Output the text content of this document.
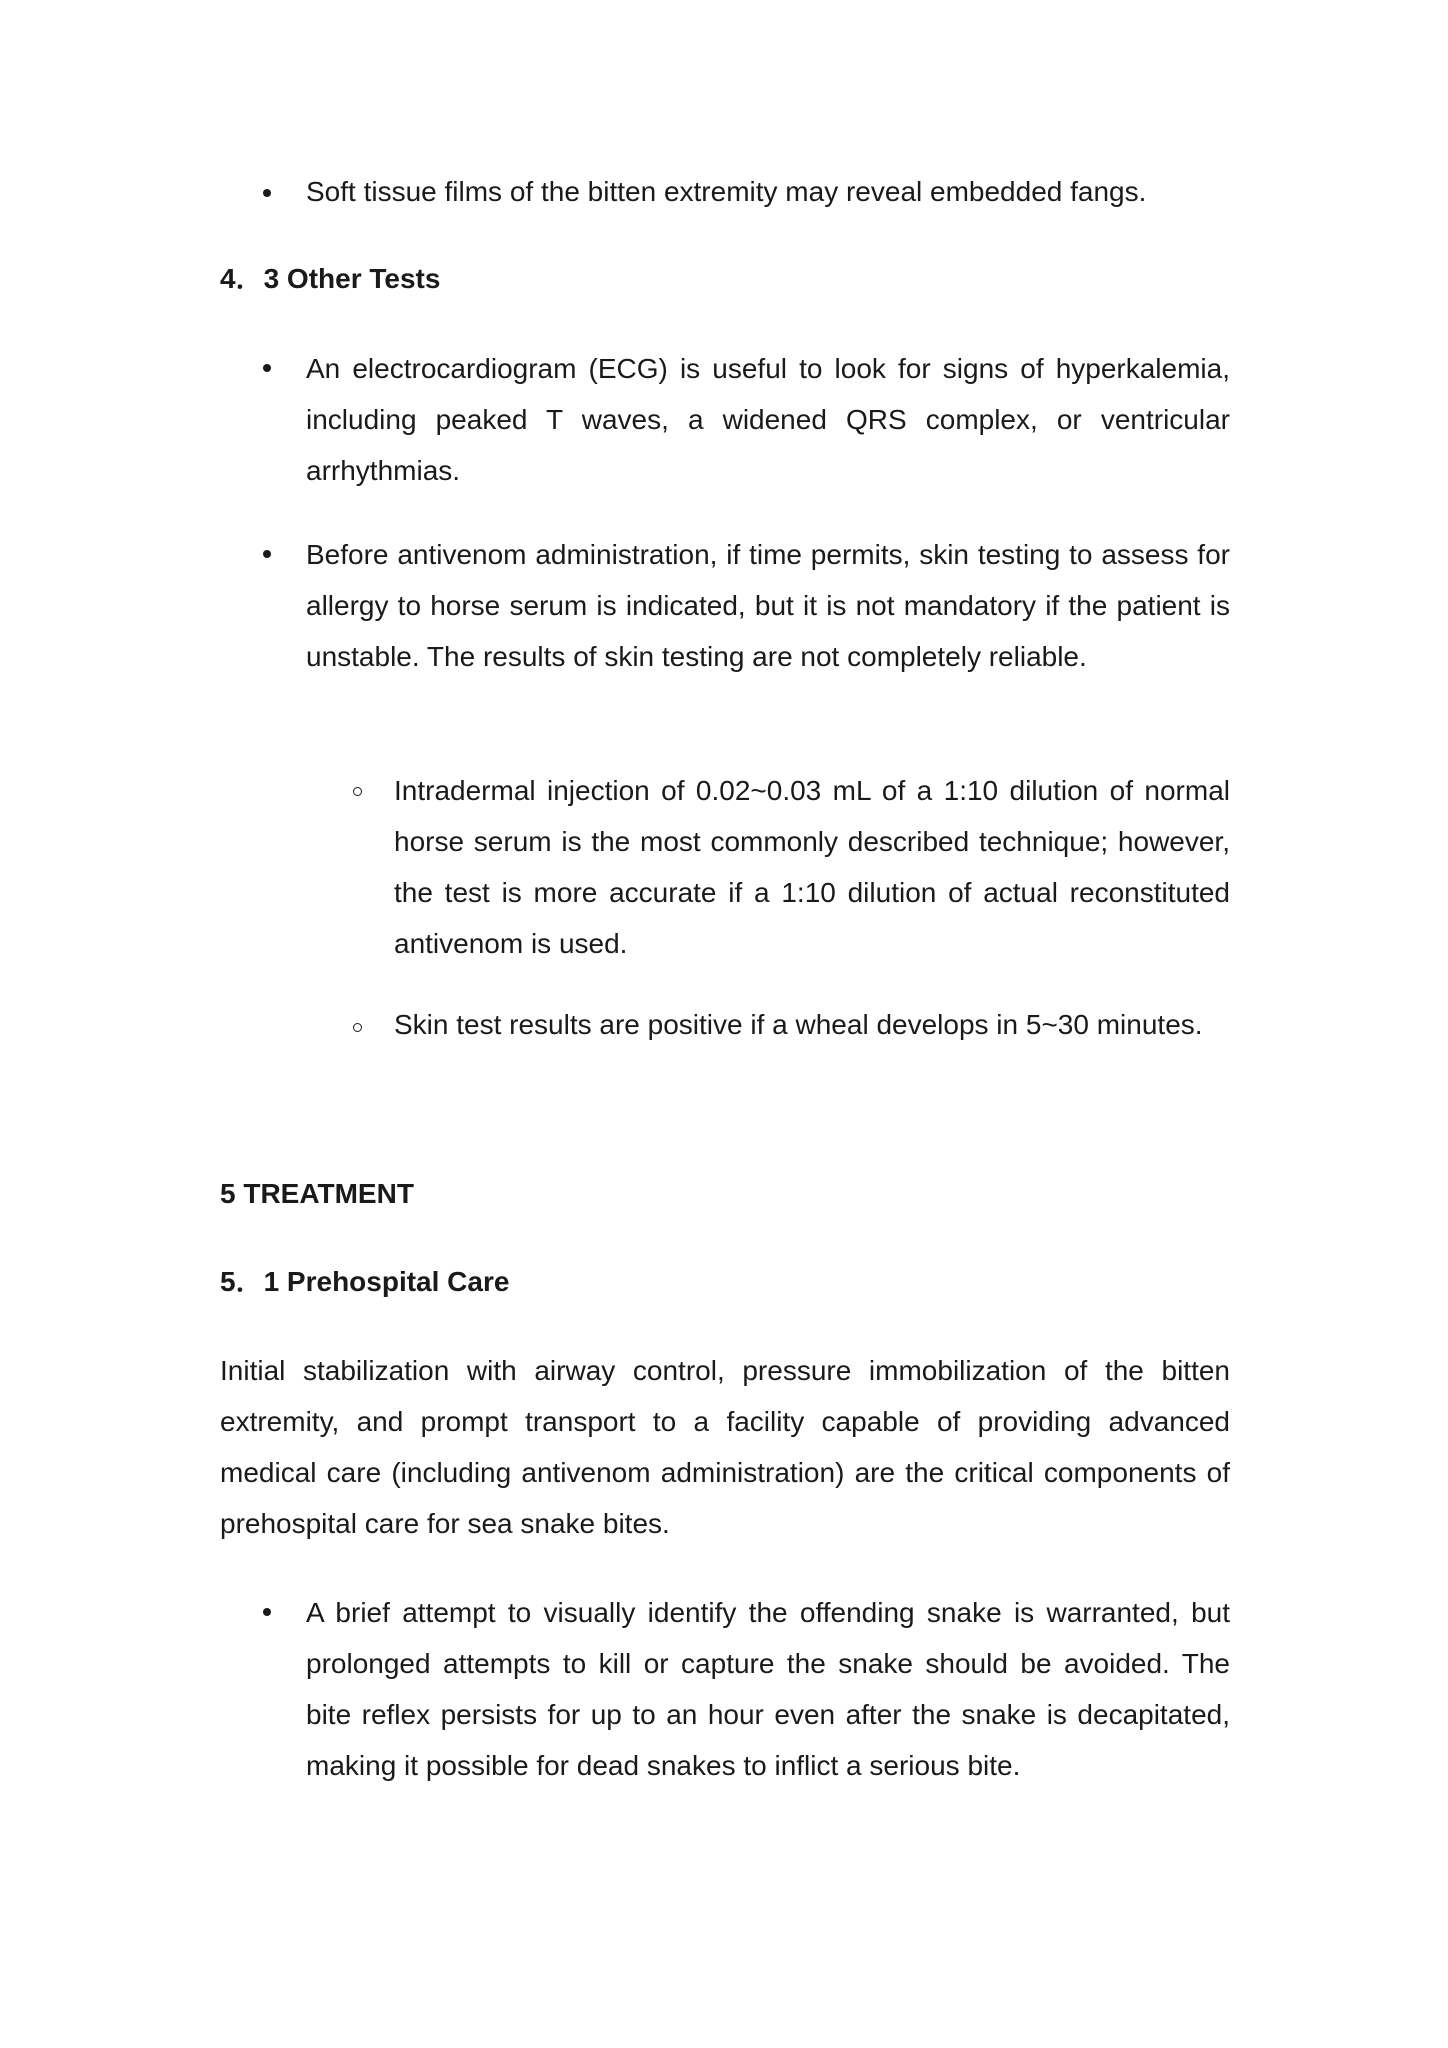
Soft tissue films of the bitten extremity may reveal embedded fangs.

4．3 Other Tests

An electrocardiogram (ECG) is useful to look for signs of hyperkalemia, including peaked T waves, a widened QRS complex, or ventricular arrhythmias.

Before antivenom administration, if time permits, skin testing to assess for allergy to horse serum is indicated, but it is not mandatory if the patient is unstable. The results of skin testing are not completely reliable.

Intradermal injection of 0.02~0.03 mL of a 1:10 dilution of normal horse serum is the most commonly described technique; however, the test is more accurate if a 1:10 dilution of actual reconstituted antivenom is used.

Skin test results are positive if a wheal develops in 5~30 minutes.

5 TREATMENT
5．1 Prehospital Care

Initial stabilization with airway control, pressure immobilization of the bitten extremity, and prompt transport to a facility capable of providing advanced medical care (including antivenom administration) are the critical components of prehospital care for sea snake bites.

A brief attempt to visually identify the offending snake is warranted, but prolonged attempts to kill or capture the snake should be avoided. The bite reflex persists for up to an hour even after the snake is decapitated, making it possible for dead snakes to inflict a serious bite.
